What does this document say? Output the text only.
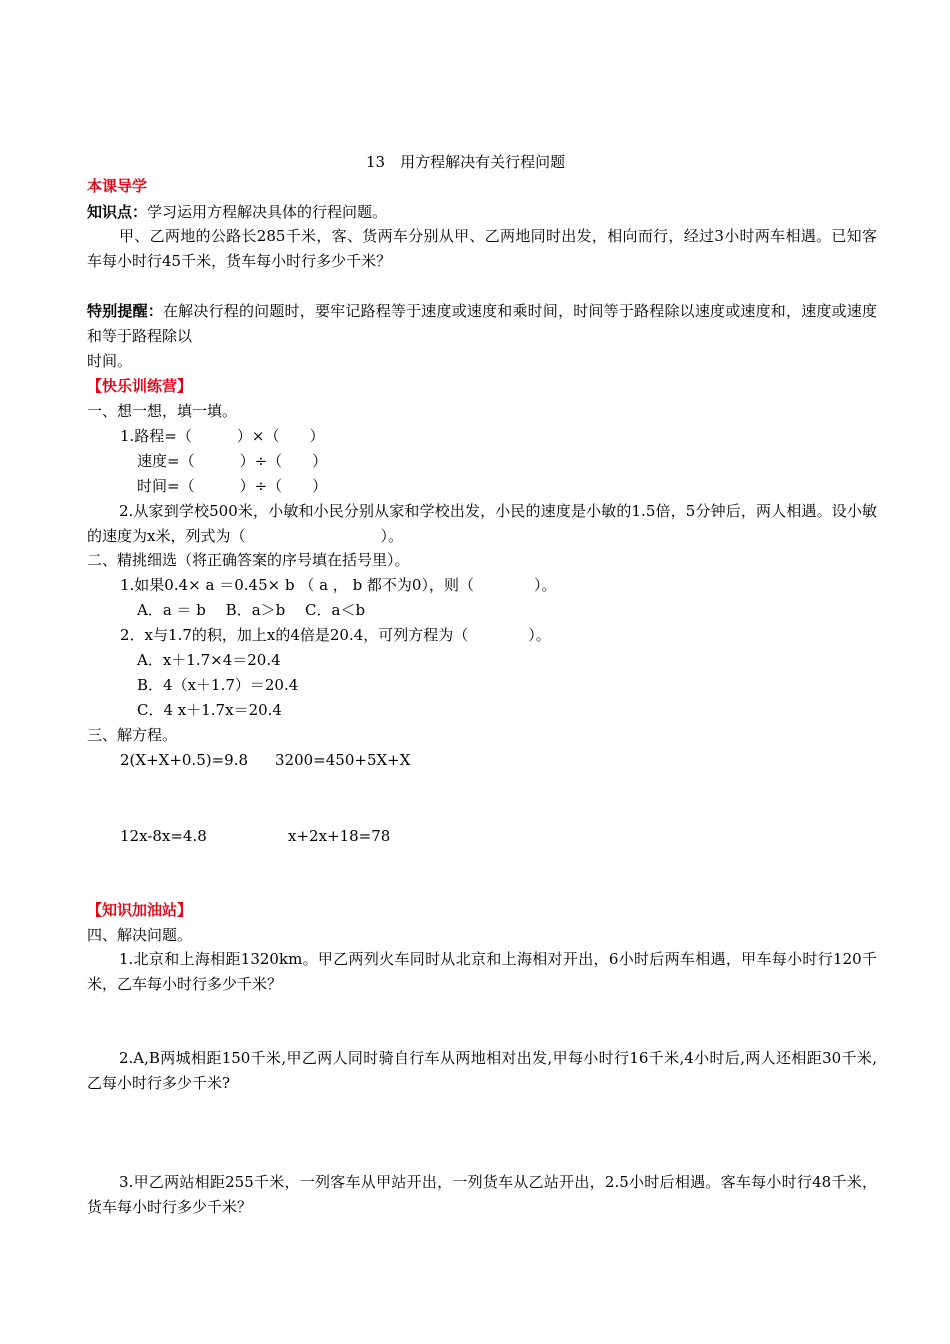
13　用方程解决有关行程问题
本课导学
知识点：学习运用方程解决具体的行程问题。
甲、乙两地的公路长285千米，客、货两车分别从甲、乙两地同时出发，相向而行，经过3小时两车相遇。已知客车每小时行45千米，货车每小时行多少千米？
特别提醒：在解决行程的问题时，要牢记路程等于速度或速度和乘时间，时间等于路程除以速度或速度和，速度或速度和等于路程除以
时间。
【快乐训练营】
一、想一想，填一填。
1.路程=（　　　）×（　　）
速度=（　　　）÷（　　）
时间=（　　　）÷（　　）
2.从家到学校500米，小敏和小民分别从家和学校出发，小民的速度是小敏的1.5倍，5分钟后，两人相遇。设小敏的速度为x米，列式为（　　　　　　　　　）。
二、精挑细选（将正确答案的序号填在括号里）。
1.如果0.4× a ＝0.45× b （ a ， b 都不为0），则（　　　　）。
A．a ＝ b　 B．a＞b　 C．a＜b
2．x与1.7的积，加上x的4倍是20.4，可列方程为（　　　　）。
A．x＋1.7×4＝20.4
B．4（x＋1.7）＝20.4
C．4 x＋1.7x＝20.4
三、解方程。
2(X+X+0.5)=9.8 3200=450+5X+X
12x-8x=4.8	x+2x+18=78
【知识加油站】
四、解决问题。
1.北京和上海相距1320km。甲乙两列火车同时从北京和上海相对开出，6小时后两车相遇，甲车每小时行120千米，乙车每小时行多少千米？
2.A,B两城相距150千米,甲乙两人同时骑自行车从两地相对出发,甲每小时行16千米,4小时后,两人还相距30千米, 乙每小时行多少千米?
3.甲乙两站相距255千米，一列客车从甲站开出，一列货车从乙站开出，2.5小时后相遇。客车每小时行48千米，货车每小时行多少千米？
